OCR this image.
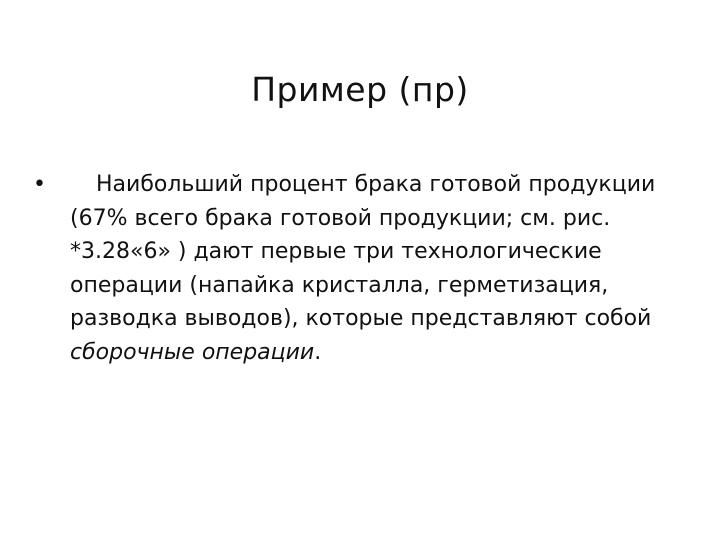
Пример (пр)
• Наибольший процент брака готовой продукции (67% всего брака готовой продукции; см. рис. *3.28«6» ) дают первые три технологические операции (напайка кристалла, герметизация, разводка выводов), которые представляют собой сборочные операции.
